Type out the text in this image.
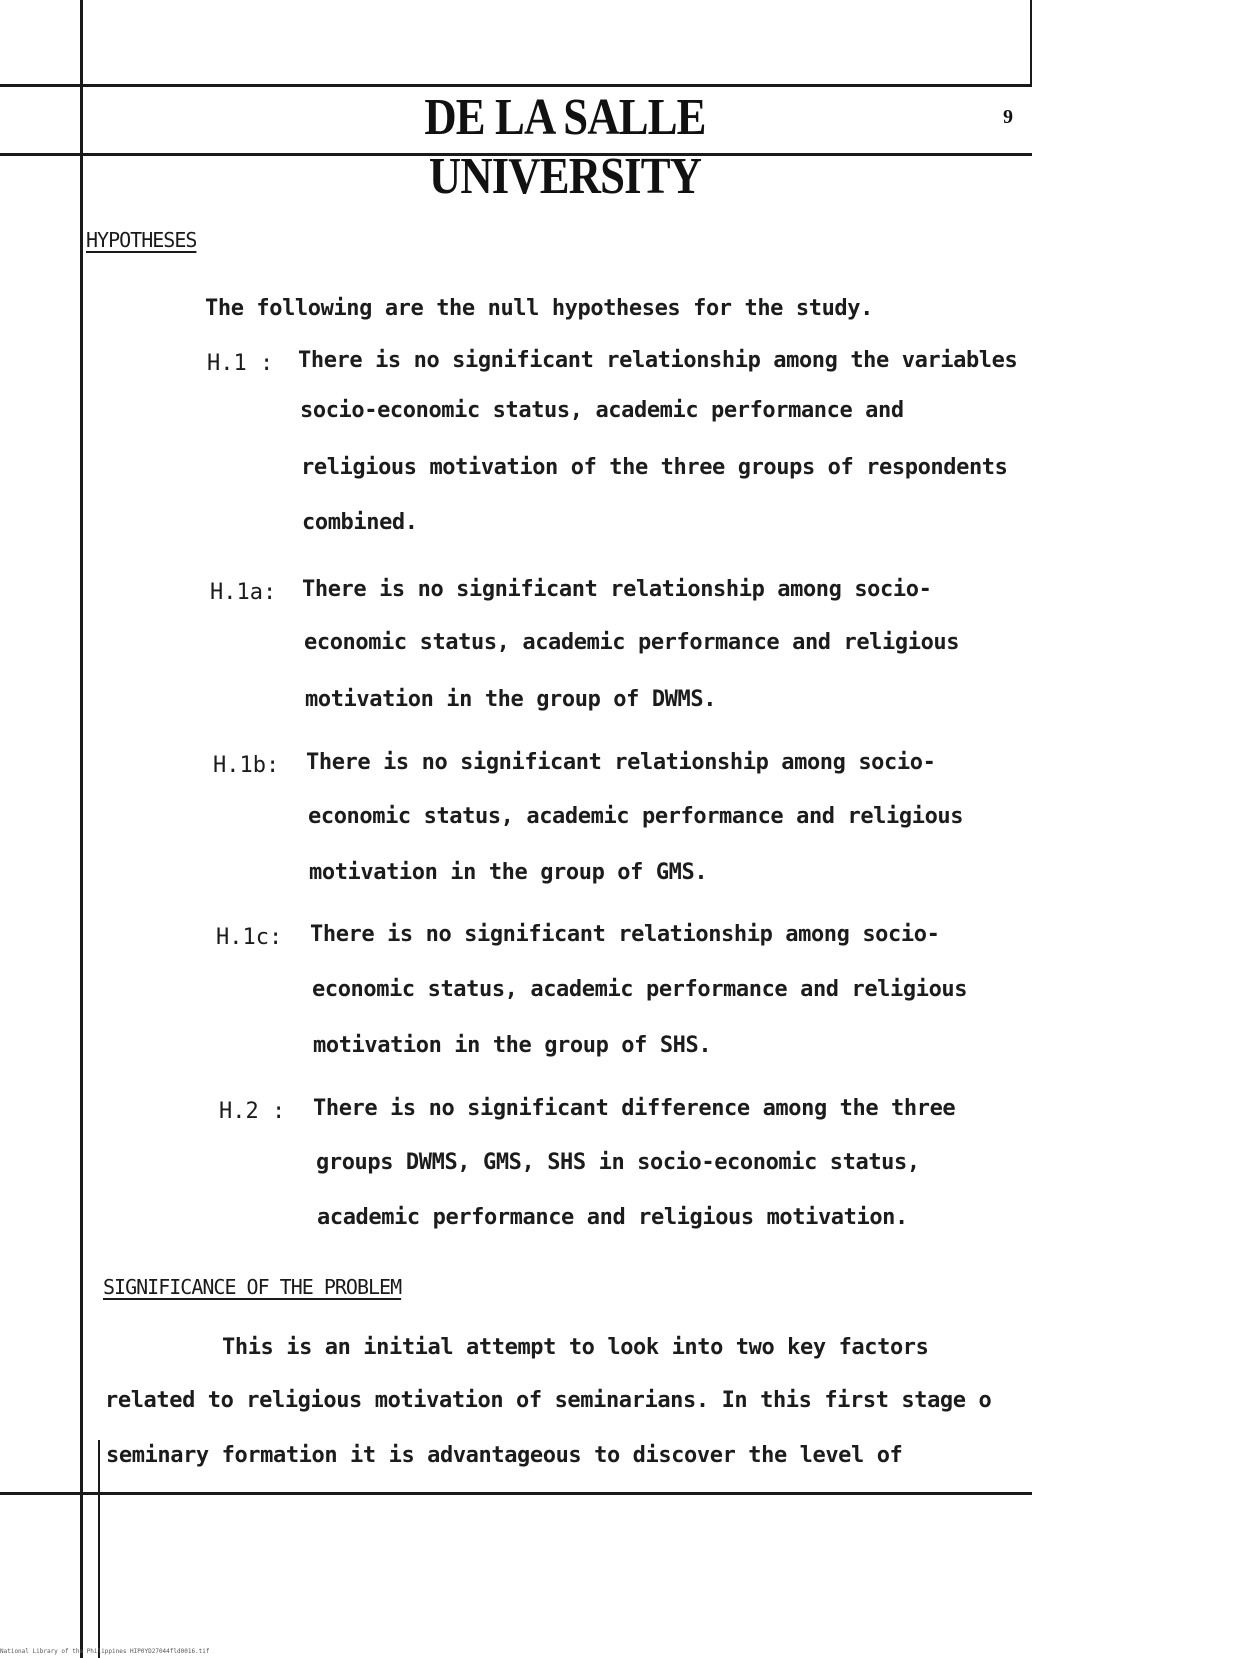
DE LA SALLE UNIVERSITY
9
HYPOTHESES
The following are the null hypotheses for the study.
H.1 : There is no significant relationship among the variables
socio-economic status, academic performance and
religious motivation of the three groups of respondents
combined.
H.1a: There is no significant relationship among socio-
economic status, academic performance and religious
motivation in the group of DWMS.
H.1b: There is no significant relationship among socio-
economic status, academic performance and religious
motivation in the group of GMS.
H.1c: There is no significant relationship among socio-
economic status, academic performance and religious
motivation in the group of SHS.
H.2 : There is no significant difference among the three
groups DWMS, GMS, SHS in socio-economic status,
academic performance and religious motivation.
SIGNIFICANCE OF THE PROBLEM
This is an initial attempt to look into two key factors
related to religious motivation of seminarians. In this first stage o
seminary formation it is advantageous to discover the level of
National Library of the Philippines HIP0YD27044fld0016.tif
